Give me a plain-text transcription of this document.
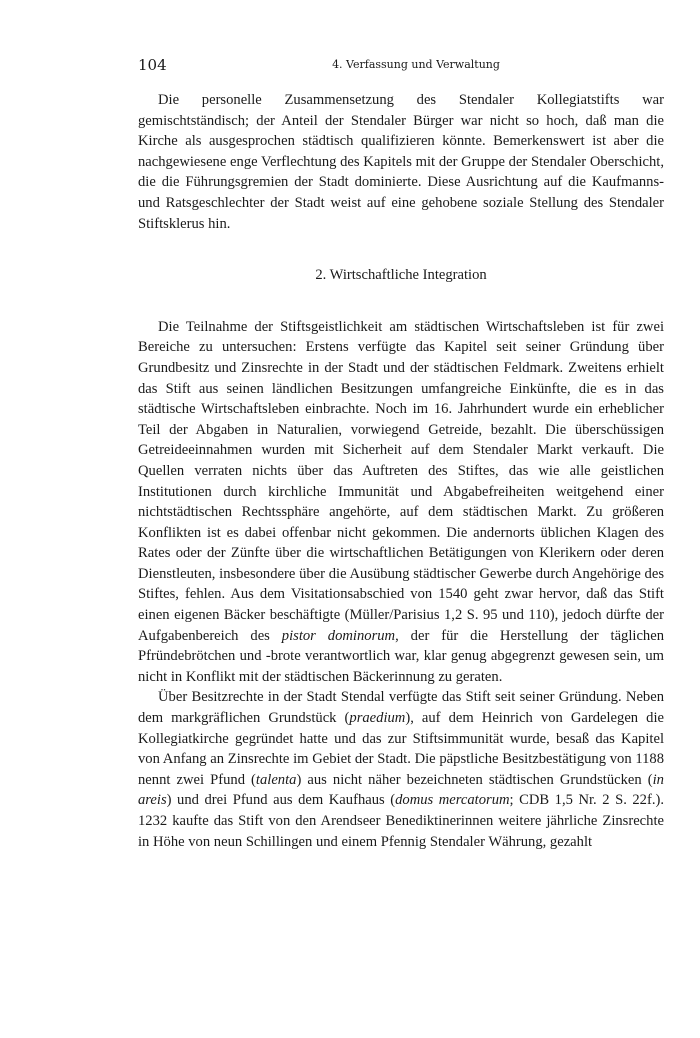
104	4. Verfassung und Verwaltung

Die personelle Zusammensetzung des Stendaler Kollegiatstifts war gemischtständisch; der Anteil der Stendaler Bürger war nicht so hoch, daß man die Kirche als ausgesprochen städtisch qualifizieren könnte. Bemerkenswert ist aber die nachgewiesene enge Verflechtung des Kapitels mit der Gruppe der Stendaler Oberschicht, die die Führungsgremien der Stadt dominierte. Diese Ausrichtung auf die Kaufmanns- und Ratsgeschlechter der Stadt weist auf eine gehobene soziale Stellung des Stendaler Stiftsklerus hin.

2. Wirtschaftliche Integration

Die Teilnahme der Stiftsgeistlichkeit am städtischen Wirtschaftsleben ist für zwei Bereiche zu untersuchen: Erstens verfügte das Kapitel seit seiner Gründung über Grundbesitz und Zinsrechte in der Stadt und der städtischen Feldmark. Zweitens erhielt das Stift aus seinen ländlichen Besitzungen umfangreiche Einkünfte, die es in das städtische Wirtschaftsleben einbrachte. Noch im 16. Jahrhundert wurde ein erheblicher Teil der Abgaben in Naturalien, vorwiegend Getreide, bezahlt. Die überschüssigen Getreideeinnahmen wurden mit Sicherheit auf dem Stendaler Markt verkauft. Die Quellen verraten nichts über das Auftreten des Stiftes, das wie alle geistlichen Institutionen durch kirchliche Immunität und Abgabefreiheiten weitgehend einer nichtstädtischen Rechtssphäre angehörte, auf dem städtischen Markt. Zu größeren Konflikten ist es dabei offenbar nicht gekommen. Die andernorts üblichen Klagen des Rates oder der Zünfte über die wirtschaftlichen Betätigungen von Klerikern oder deren Dienstleuten, insbesondere über die Ausübung städtischer Gewerbe durch Angehörige des Stiftes, fehlen. Aus dem Visitationsabschied von 1540 geht zwar hervor, daß das Stift einen eigenen Bäcker beschäftigte (Müller/Parisius 1,2 S. 95 und 110), jedoch dürfte der Aufgabenbereich des pistor dominorum, der für die Herstellung der täglichen Pfründebrötchen und -brote verantwortlich war, klar genug abgegrenzt gewesen sein, um nicht in Konflikt mit der städtischen Bäckerinnung zu geraten.

Über Besitzrechte in der Stadt Stendal verfügte das Stift seit seiner Gründung. Neben dem markgräflichen Grundstück (praedium), auf dem Heinrich von Gardelegen die Kollegiatkirche gegründet hatte und das zur Stiftsimmunität wurde, besaß das Kapitel von Anfang an Zinsrechte im Gebiet der Stadt. Die päpstliche Besitzbestätigung von 1188 nennt zwei Pfund (talenta) aus nicht näher bezeichneten städtischen Grundstücken (in areis) und drei Pfund aus dem Kaufhaus (domus mercatorum; CDB 1,5 Nr. 2 S. 22f.). 1232 kaufte das Stift von den Arendseer Benediktinerinnen weitere jährliche Zinsrechte in Höhe von neun Schillingen und einem Pfennig Stendaler Währung, gezahlt
